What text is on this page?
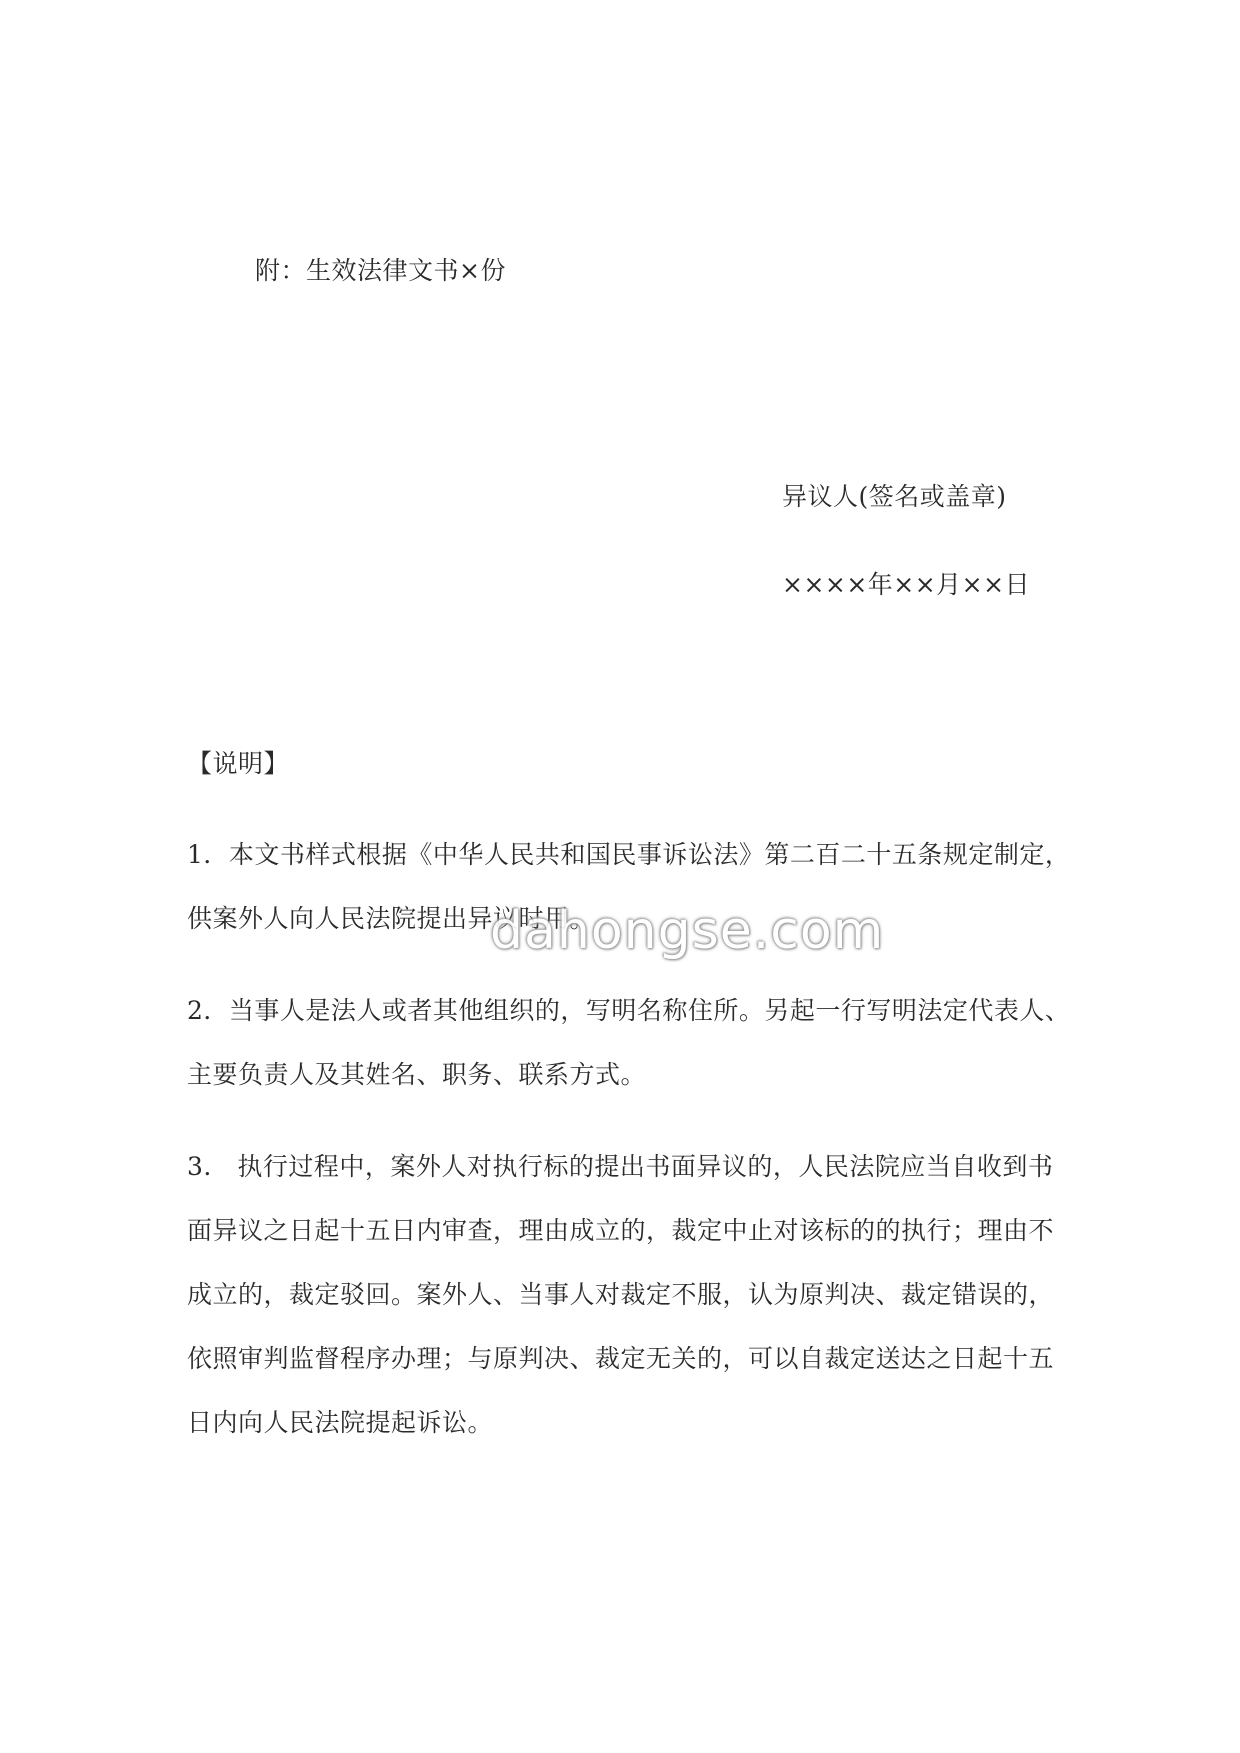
附：生效法律文书×份
异议人(签名或盖章)
××××年××月××日
【说明】
1．本文书样式根据《中华人民共和国民事诉讼法》第二百二十五条规定制定，
供案外人向人民法院提出异议时用。
2．当事人是法人或者其他组织的，写明名称住所。另起一行写明法定代表人、
主要负责人及其姓名、职务、联系方式。
3.　执行过程中，案外人对执行标的提出书面异议的，人民法院应当自收到书
面异议之日起十五日内审查，理由成立的，裁定中止对该标的的执行；理由不
成立的，裁定驳回。案外人、当事人对裁定不服，认为原判决、裁定错误的，
依照审判监督程序办理；与原判决、裁定无关的，可以自裁定送达之日起十五
日内向人民法院提起诉讼。
dahongse.com
